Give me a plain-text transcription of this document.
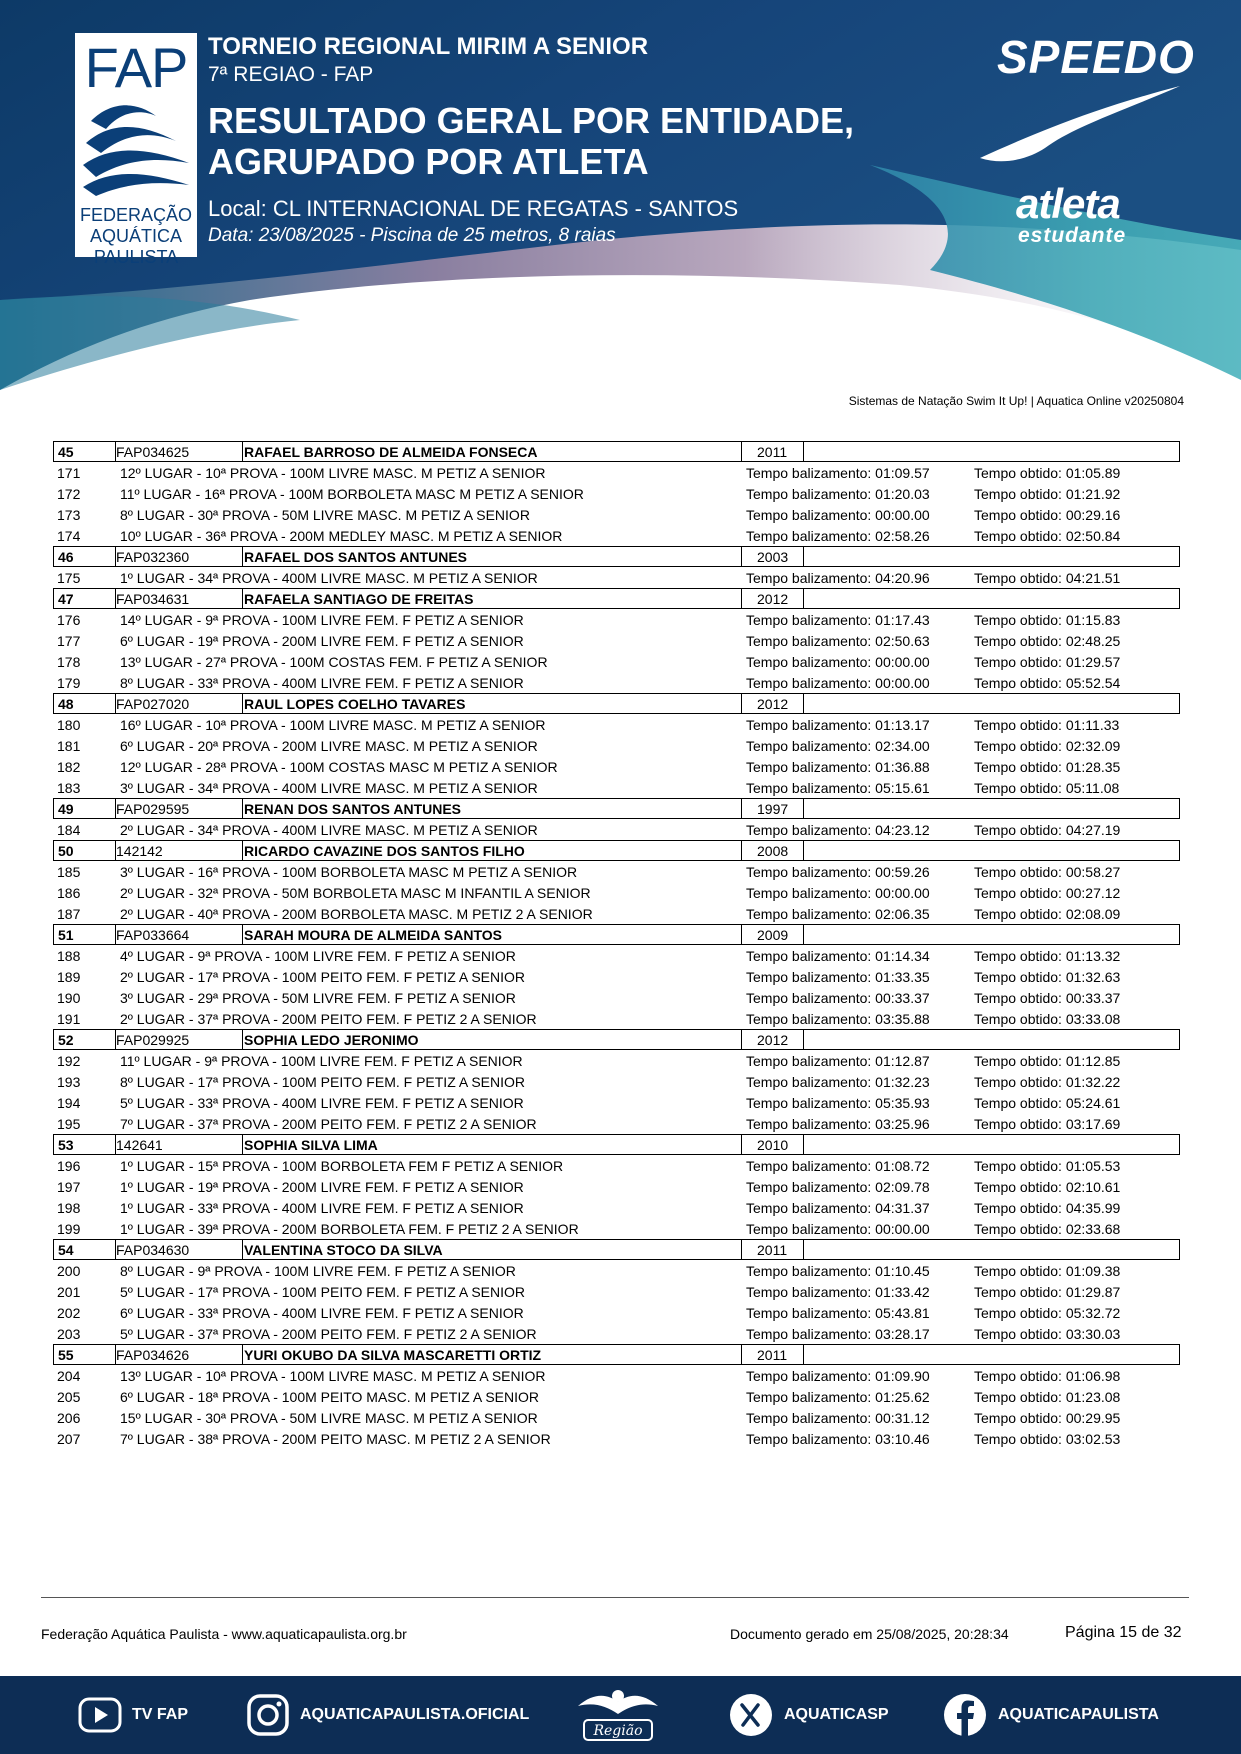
FAP
FEDERAÇÃO
AQUÁTICA
PAULISTA
TORNEIO REGIONAL MIRIM A SENIOR
7ª REGIAO - FAP
RESULTADO GERAL POR ENTIDADE,
AGRUPADO POR ATLETA
Local: CL INTERNACIONAL DE REGATAS - SANTOS
Data: 23/08/2025 - Piscina de 25 metros, 8 raias
SPEEDO
atleta
estudante
Sistemas de Natação Swim It Up! | Aquatica Online v20250804
45	FAP034625	RAFAEL BARROSO DE ALMEIDA FONSECA	2011
171	12º LUGAR - 10ª PROVA - 100M LIVRE MASC. M PETIZ A SENIOR	Tempo balizamento: 01:09.57	Tempo obtido: 01:05.89
172	11º LUGAR - 16ª PROVA - 100M BORBOLETA MASC M PETIZ A SENIOR	Tempo balizamento: 01:20.03	Tempo obtido: 01:21.92
173	8º LUGAR - 30ª PROVA - 50M LIVRE MASC. M PETIZ A SENIOR	Tempo balizamento: 00:00.00	Tempo obtido: 00:29.16
174	10º LUGAR - 36ª PROVA - 200M MEDLEY MASC. M PETIZ A SENIOR	Tempo balizamento: 02:58.26	Tempo obtido: 02:50.84
46	FAP032360	RAFAEL DOS SANTOS ANTUNES	2003
175	1º LUGAR - 34ª PROVA - 400M LIVRE MASC. M PETIZ A SENIOR	Tempo balizamento: 04:20.96	Tempo obtido: 04:21.51
47	FAP034631	RAFAELA SANTIAGO DE FREITAS	2012
176	14º LUGAR - 9ª PROVA - 100M LIVRE FEM. F PETIZ A SENIOR	Tempo balizamento: 01:17.43	Tempo obtido: 01:15.83
177	6º LUGAR - 19ª PROVA - 200M LIVRE FEM. F PETIZ A SENIOR	Tempo balizamento: 02:50.63	Tempo obtido: 02:48.25
178	13º LUGAR - 27ª PROVA - 100M COSTAS FEM. F PETIZ A SENIOR	Tempo balizamento: 00:00.00	Tempo obtido: 01:29.57
179	8º LUGAR - 33ª PROVA - 400M LIVRE FEM. F PETIZ A SENIOR	Tempo balizamento: 00:00.00	Tempo obtido: 05:52.54
48	FAP027020	RAUL LOPES COELHO TAVARES	2012
180	16º LUGAR - 10ª PROVA - 100M LIVRE MASC. M PETIZ A SENIOR	Tempo balizamento: 01:13.17	Tempo obtido: 01:11.33
181	6º LUGAR - 20ª PROVA - 200M LIVRE MASC. M PETIZ A SENIOR	Tempo balizamento: 02:34.00	Tempo obtido: 02:32.09
182	12º LUGAR - 28ª PROVA - 100M COSTAS MASC M PETIZ A SENIOR	Tempo balizamento: 01:36.88	Tempo obtido: 01:28.35
183	3º LUGAR - 34ª PROVA - 400M LIVRE MASC. M PETIZ A SENIOR	Tempo balizamento: 05:15.61	Tempo obtido: 05:11.08
49	FAP029595	RENAN DOS SANTOS ANTUNES	1997
184	2º LUGAR - 34ª PROVA - 400M LIVRE MASC. M PETIZ A SENIOR	Tempo balizamento: 04:23.12	Tempo obtido: 04:27.19
50	142142	RICARDO CAVAZINE DOS SANTOS FILHO	2008
185	3º LUGAR - 16ª PROVA - 100M BORBOLETA MASC M PETIZ A SENIOR	Tempo balizamento: 00:59.26	Tempo obtido: 00:58.27
186	2º LUGAR - 32ª PROVA - 50M BORBOLETA MASC M INFANTIL A SENIOR	Tempo balizamento: 00:00.00	Tempo obtido: 00:27.12
187	2º LUGAR - 40ª PROVA - 200M BORBOLETA MASC. M PETIZ 2 A SENIOR	Tempo balizamento: 02:06.35	Tempo obtido: 02:08.09
51	FAP033664	SARAH MOURA DE ALMEIDA SANTOS	2009
188	4º LUGAR - 9ª PROVA - 100M LIVRE FEM. F PETIZ A SENIOR	Tempo balizamento: 01:14.34	Tempo obtido: 01:13.32
189	2º LUGAR - 17ª PROVA - 100M PEITO FEM. F PETIZ A SENIOR	Tempo balizamento: 01:33.35	Tempo obtido: 01:32.63
190	3º LUGAR - 29ª PROVA - 50M LIVRE FEM. F PETIZ A SENIOR	Tempo balizamento: 00:33.37	Tempo obtido: 00:33.37
191	2º LUGAR - 37ª PROVA - 200M PEITO FEM. F PETIZ 2 A SENIOR	Tempo balizamento: 03:35.88	Tempo obtido: 03:33.08
52	FAP029925	SOPHIA LEDO JERONIMO	2012
192	11º LUGAR - 9ª PROVA - 100M LIVRE FEM. F PETIZ A SENIOR	Tempo balizamento: 01:12.87	Tempo obtido: 01:12.85
193	8º LUGAR - 17ª PROVA - 100M PEITO FEM. F PETIZ A SENIOR	Tempo balizamento: 01:32.23	Tempo obtido: 01:32.22
194	5º LUGAR - 33ª PROVA - 400M LIVRE FEM. F PETIZ A SENIOR	Tempo balizamento: 05:35.93	Tempo obtido: 05:24.61
195	7º LUGAR - 37ª PROVA - 200M PEITO FEM. F PETIZ 2 A SENIOR	Tempo balizamento: 03:25.96	Tempo obtido: 03:17.69
53	142641	SOPHIA SILVA LIMA	2010
196	1º LUGAR - 15ª PROVA - 100M BORBOLETA FEM F PETIZ A SENIOR	Tempo balizamento: 01:08.72	Tempo obtido: 01:05.53
197	1º LUGAR - 19ª PROVA - 200M LIVRE FEM. F PETIZ A SENIOR	Tempo balizamento: 02:09.78	Tempo obtido: 02:10.61
198	1º LUGAR - 33ª PROVA - 400M LIVRE FEM. F PETIZ A SENIOR	Tempo balizamento: 04:31.37	Tempo obtido: 04:35.99
199	1º LUGAR - 39ª PROVA - 200M BORBOLETA FEM. F PETIZ 2 A SENIOR	Tempo balizamento: 00:00.00	Tempo obtido: 02:33.68
54	FAP034630	VALENTINA STOCO DA SILVA	2011
200	8º LUGAR - 9ª PROVA - 100M LIVRE FEM. F PETIZ A SENIOR	Tempo balizamento: 01:10.45	Tempo obtido: 01:09.38
201	5º LUGAR - 17ª PROVA - 100M PEITO FEM. F PETIZ A SENIOR	Tempo balizamento: 01:33.42	Tempo obtido: 01:29.87
202	6º LUGAR - 33ª PROVA - 400M LIVRE FEM. F PETIZ A SENIOR	Tempo balizamento: 05:43.81	Tempo obtido: 05:32.72
203	5º LUGAR - 37ª PROVA - 200M PEITO FEM. F PETIZ 2 A SENIOR	Tempo balizamento: 03:28.17	Tempo obtido: 03:30.03
55	FAP034626	YURI OKUBO DA SILVA MASCARETTI ORTIZ	2011
204	13º LUGAR - 10ª PROVA - 100M LIVRE MASC. M PETIZ A SENIOR	Tempo balizamento: 01:09.90	Tempo obtido: 01:06.98
205	6º LUGAR - 18ª PROVA - 100M PEITO MASC. M PETIZ A SENIOR	Tempo balizamento: 01:25.62	Tempo obtido: 01:23.08
206	15º LUGAR - 30ª PROVA - 50M LIVRE MASC. M PETIZ A SENIOR	Tempo balizamento: 00:31.12	Tempo obtido: 00:29.95
207	7º LUGAR - 38ª PROVA - 200M PEITO MASC. M PETIZ 2 A SENIOR	Tempo balizamento: 03:10.46	Tempo obtido: 03:02.53
Federação Aquática Paulista - www.aquaticapaulista.org.br	Documento gerado em 25/08/2025, 20:28:34	Página 15 de 32
TV FAP	AQUATICAPAULISTA.OFICIAL
Região
AQUATICASP	AQUATICAPAULISTA
